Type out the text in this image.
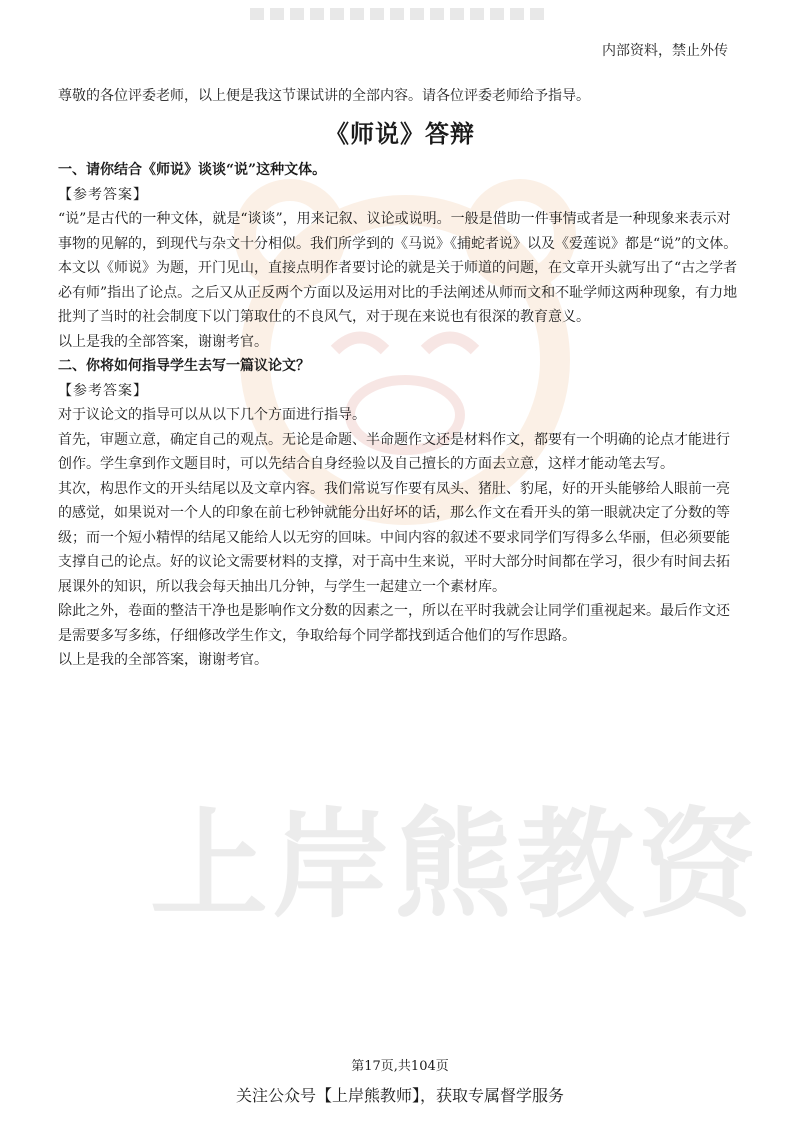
内部资料，禁止外传
上岸熊教资
尊敬的各位评委老师，以上便是我这节课试讲的全部内容。请各位评委老师给予指导。
《师说》答辩

一、请你结合《师说》谈谈“说”这种文体。

【参考答案】

“说”是古代的一种文体，就是“谈谈”，用来记叙、议论或说明。一般是借助一件事情或者是一种现象来表示对事物的见解的，到现代与杂文十分相似。我们所学到的《马说》《捕蛇者说》以及《爱莲说》都是“说”的文体。

本文以《师说》为题，开门见山，直接点明作者要讨论的就是关于师道的问题，在文章开头就写出了“古之学者必有师”指出了论点。之后又从正反两个方面以及运用对比的手法阐述从师而文和不耻学师这两种现象，有力地批判了当时的社会制度下以门第取仕的不良风气，对于现在来说也有很深的教育意义。

以上是我的全部答案，谢谢考官。

二、你将如何指导学生去写一篇议论文？

【参考答案】

对于议论文的指导可以从以下几个方面进行指导。

首先，审题立意，确定自己的观点。无论是命题、半命题作文还是材料作文，都要有一个明确的论点才能进行创作。学生拿到作文题目时，可以先结合自身经验以及自己擅长的方面去立意，这样才能动笔去写。

其次，构思作文的开头结尾以及文章内容。我们常说写作要有凤头、猪肚、豹尾，好的开头能够给人眼前一亮的感觉，如果说对一个人的印象在前七秒钟就能分出好坏的话，那么作文在看开头的第一眼就决定了分数的等级；而一个短小精悍的结尾又能给人以无穷的回味。中间内容的叙述不要求同学们写得多么华丽，但必须要能支撑自己的论点。好的议论文需要材料的支撑，对于高中生来说，平时大部分时间都在学习，很少有时间去拓展课外的知识，所以我会每天抽出几分钟，与学生一起建立一个素材库。

除此之外，卷面的整洁干净也是影响作文分数的因素之一，所以在平时我就会让同学们重视起来。最后作文还是需要多写多练，仔细修改学生作文，争取给每个同学都找到适合他们的写作思路。

以上是我的全部答案，谢谢考官。

第17页,共104页
关注公众号【上岸熊教师】，获取专属督学服务
